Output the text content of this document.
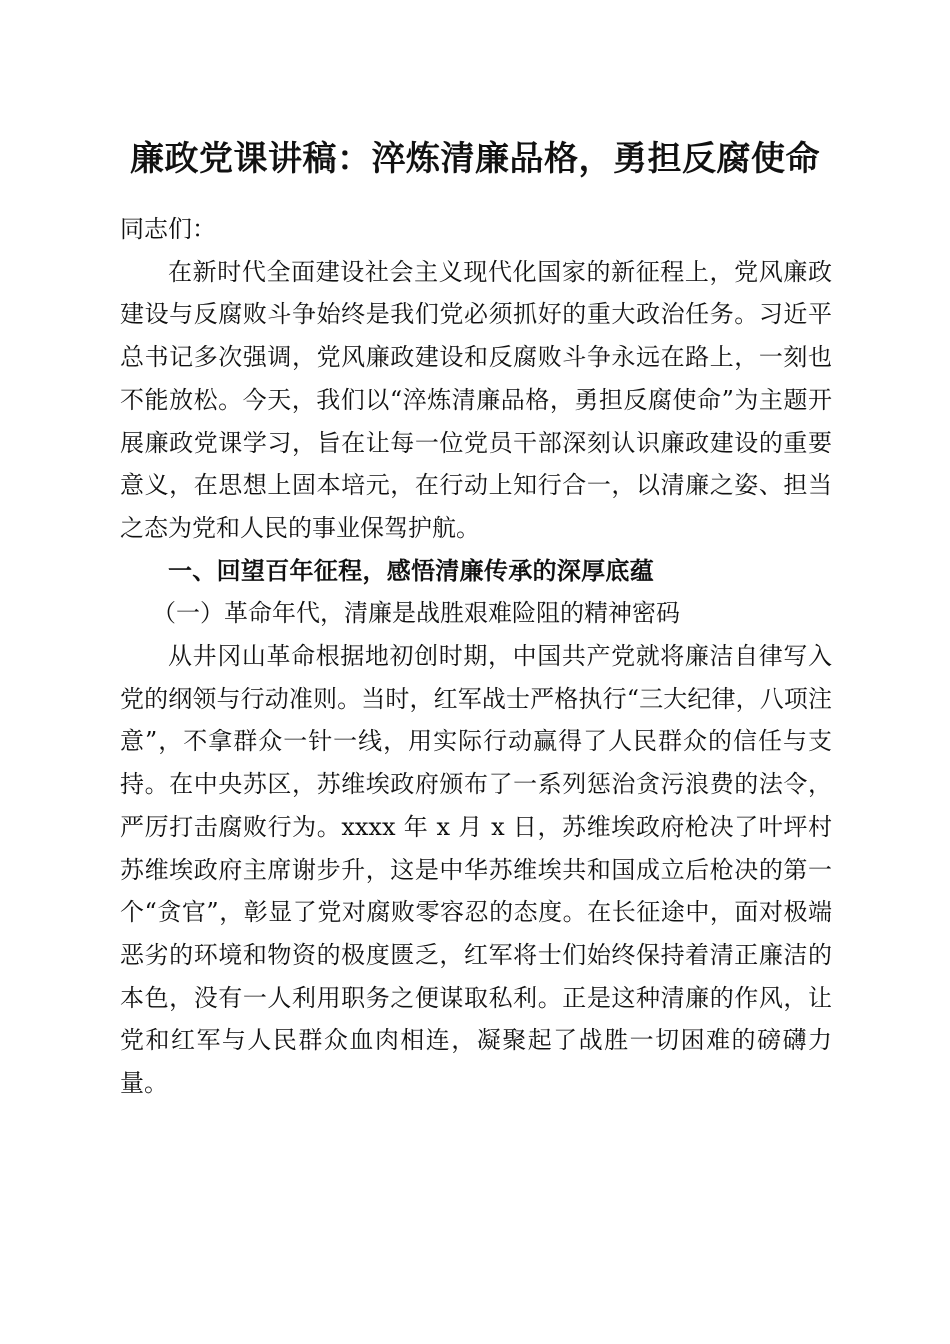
廉政党课讲稿：淬炼清廉品格，勇担反腐使命

同志们：

在新时代全面建设社会主义现代化国家的新征程上，党风廉政建设与反腐败斗争始终是我们党必须抓好的重大政治任务。习近平总书记多次强调，党风廉政建设和反腐败斗争永远在路上，一刻也不能放松。今天，我们以“淬炼清廉品格，勇担反腐使命”为主题开展廉政党课学习，旨在让每一位党员干部深刻认识廉政建设的重要意义，在思想上固本培元，在行动上知行合一，以清廉之姿、担当之态为党和人民的事业保驾护航。

一、回望百年征程，感悟清廉传承的深厚底蕴

（一）革命年代，清廉是战胜艰难险阻的精神密码

从井冈山革命根据地初创时期，中国共产党就将廉洁自律写入党的纲领与行动准则。当时，红军战士严格执行“三大纪律，八项注意”，不拿群众一针一线，用实际行动赢得了人民群众的信任与支持。在中央苏区，苏维埃政府颁布了一系列惩治贪污浪费的法令，严厉打击腐败行为。xxxx 年 x 月 x 日，苏维埃政府枪决了叶坪村苏维埃政府主席谢步升，这是中华苏维埃共和国成立后枪决的第一个“贪官”，彰显了党对腐败零容忍的态度。在长征途中，面对极端恶劣的环境和物资的极度匮乏，红军将士们始终保持着清正廉洁的本色，没有一人利用职务之便谋取私利。正是这种清廉的作风，让党和红军与人民群众血肉相连，凝聚起了战胜一切困难的磅礴力量。
